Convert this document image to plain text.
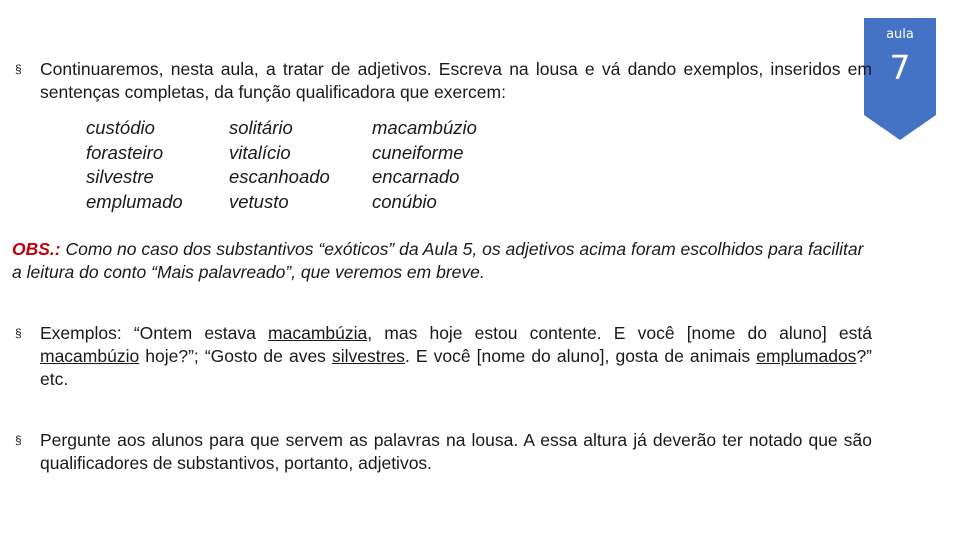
aula
7
§ Continuaremos, nesta aula, a tratar de adjetivos. Escreva na lousa e vá dando exemplos, inseridos em sentenças completas, da função qualificadora que exercem:
custódio
forasteiro
silvestre
emplumado
solitário
vitalício
escanhoado
vetusto
macambúzio
cuneiforme
encarnado
conúbio
OBS.: Como no caso dos substantivos “exóticos” da Aula 5, os adjetivos acima foram escolhidos para facilitar a leitura do conto “Mais palavreado”, que veremos em breve.
§ Exemplos: “Ontem estava macambúzia, mas hoje estou contente. E você [nome do aluno] está macambúzio hoje?”; “Gosto de aves silvestres. E você [nome do aluno], gosta de animais emplumados?” etc.
§ Pergunte aos alunos para que servem as palavras na lousa. A essa altura já deverão ter notado que são qualificadores de substantivos, portanto, adjetivos.
